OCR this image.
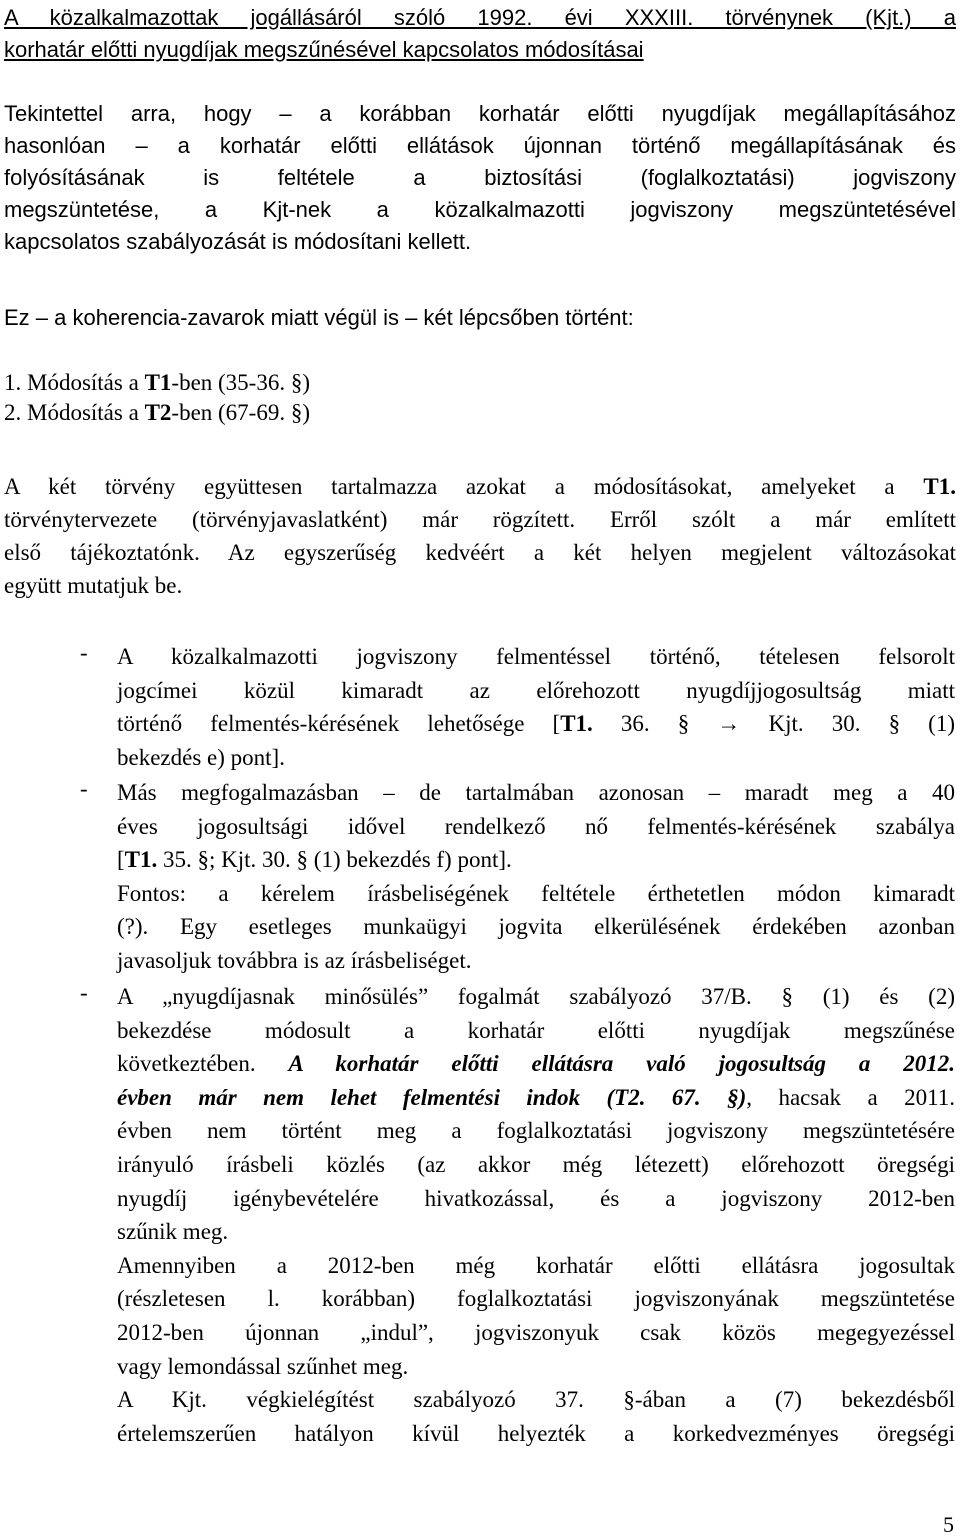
A közalkalmazottak jogállásáról szóló 1992. évi XXXIII. törvénynek (Kjt.) a
korhatár előtti nyugdíjak megszűnésével kapcsolatos módosításai
Tekintettel arra, hogy – a korábban korhatár előtti nyugdíjak megállapításához
hasonlóan – a korhatár előtti ellátások újonnan történő megállapításának és
folyósításának is feltétele a biztosítási (foglalkoztatási) jogviszony
megszüntetése, a Kjt-nek a közalkalmazotti jogviszony megszüntetésével
kapcsolatos szabályozását is módosítani kellett.
Ez – a koherencia-zavarok miatt végül is – két lépcsőben történt:
1. Módosítás a T1-ben (35-36. §)
2. Módosítás a T2-ben (67-69. §)
A két törvény együttesen tartalmazza azokat a módosításokat, amelyeket a T1.
törvénytervezete (törvényjavaslatként) már rögzített. Erről szólt a már említett
első tájékoztatónk. Az egyszerűség kedvéért a két helyen megjelent változásokat
együtt mutatjuk be.
- A közalkalmazotti jogviszony felmentéssel történő, tételesen felsorolt
jogcímei közül kimaradt az előrehozott nyugdíjjogosultság miatt
történő felmentés-kérésének lehetősége [T1. 36. § → Kjt. 30. § (1)
bekezdés e) pont].
- Más megfogalmazásban – de tartalmában azonosan – maradt meg a 40
éves jogosultsági idővel rendelkező nő felmentés-kérésének szabálya
[T1. 35. §; Kjt. 30. § (1) bekezdés f) pont].
Fontos: a kérelem írásbeliségének feltétele érthetetlen módon kimaradt
(?). Egy esetleges munkaügyi jogvita elkerülésének érdekében azonban
javasoljuk továbbra is az írásbeliséget.
- A „nyugdíjasnak minősülés” fogalmát szabályozó 37/B. § (1) és (2)
bekezdése módosult a korhatár előtti nyugdíjak megszűnése
következtében. A korhatár előtti ellátásra való jogosultság a 2012.
évben már nem lehet felmentési indok (T2. 67. §), hacsak a 2011.
évben nem történt meg a foglalkoztatási jogviszony megszüntetésére
irányuló írásbeli közlés (az akkor még létezett) előrehozott öregségi
nyugdíj igénybevételére hivatkozással, és a jogviszony 2012-ben
szűnik meg.
Amennyiben a 2012-ben még korhatár előtti ellátásra jogosultak
(részletesen l. korábban) foglalkoztatási jogviszonyának megszüntetése
2012-ben újonnan „indul”, jogviszonyuk csak közös megegyezéssel
vagy lemondással szűnhet meg.
A Kjt. végkielégítést szabályozó 37. §-ában a (7) bekezdésből
értelemszerűen hatályon kívül helyezték a korkedvezményes öregségi
5
